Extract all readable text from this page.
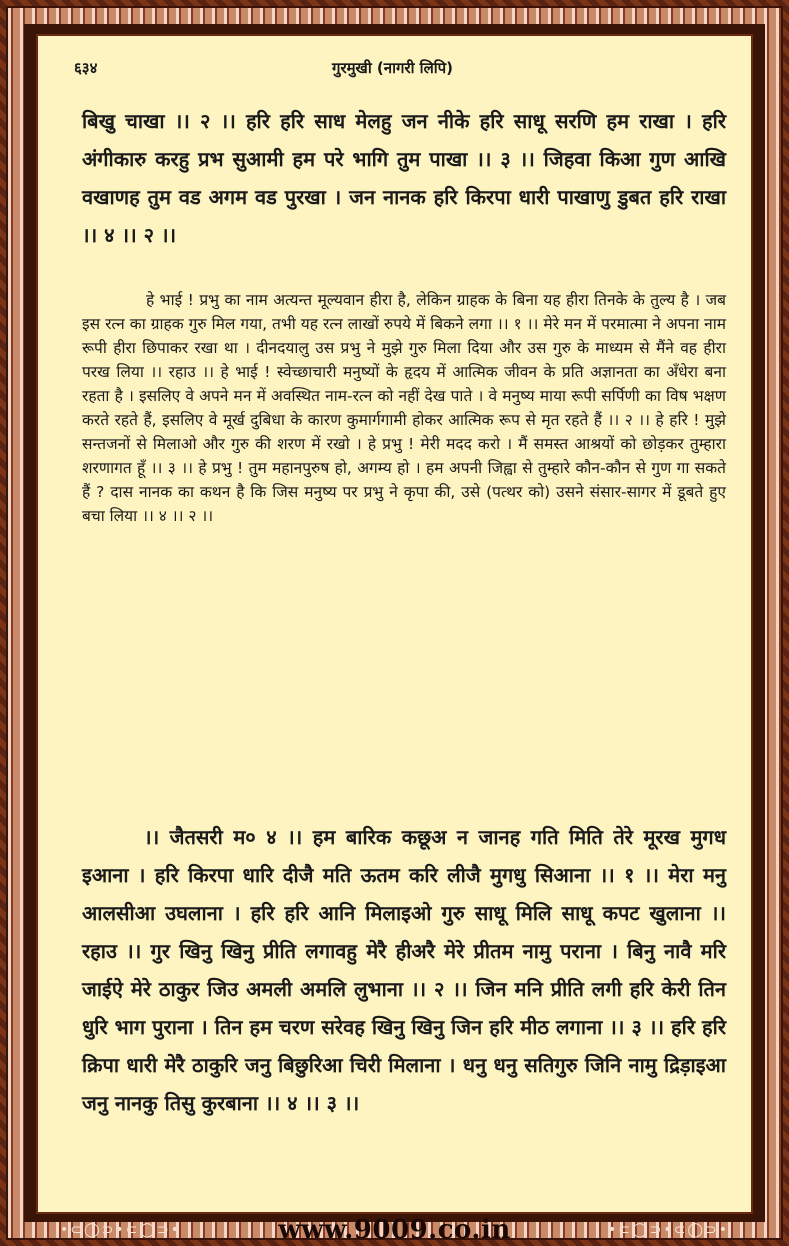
६३४	गुरमुखी (नागरी लिपि)
बिखु चाखा ।। २ ।। हरि हरि साध मेलहु जन नीके हरि साधू सरणि हम राखा । हरि अंगीकारु करहु प्रभ सुआमी हम परे भागि तुम पाखा ।। ३ ।। जिहवा किआ गुण आखि वखाणह तुम वड अगम वड पुरखा । जन नानक हरि किरपा धारी पाखाणु डुबत हरि राखा ।। ४ ।। २ ।।
हे भाई ! प्रभु का नाम अत्यन्त मूल्यवान हीरा है, लेकिन ग्राहक के बिना यह हीरा तिनके के तुल्य है । जब इस रत्न का ग्राहक गुरु मिल गया, तभी यह रत्न लाखों रुपये में बिकने लगा ।। १ ।। मेरे मन में परमात्मा ने अपना नाम रूपी हीरा छिपाकर रखा था । दीनदयालु उस प्रभु ने मुझे गुरु मिला दिया और उस गुरु के माध्यम से मैंने वह हीरा परख लिया ।। रहाउ ।। हे भाई ! स्वेच्छाचारी मनुष्यों के हृदय में आत्मिक जीवन के प्रति अज्ञानता का अँधेरा बना रहता है । इसलिए वे अपने मन में अवस्थित नाम-रत्न को नहीं देख पाते । वे मनुष्य माया रूपी सर्पिणी का विष भक्षण करते रहते हैं, इसलिए वे मूर्ख दुबिधा के कारण कुमार्गगामी होकर आत्मिक रूप से मृत रहते हैं ।। २ ।। हे हरि ! मुझे सन्तजनों से मिलाओ और गुरु की शरण में रखो । हे प्रभु ! मेरी मदद करो । मैं समस्त आश्रयों को छोड़कर तुम्हारा शरणागत हूँ ।। ३ ।। हे प्रभु ! तुम महानपुरुष हो, अगम्य हो । हम अपनी जिह्वा से तुम्हारे कौन-कौन से गुण गा सकते हैं ? दास नानक का कथन है कि जिस मनुष्य पर प्रभु ने कृपा की, उसे (पत्थर को) उसने संसार-सागर में डूबते हुए बचा लिया ।। ४ ।। २ ।।
।। जैतसरी म० ४ ।। हम बारिक कछूअ न जानह गति मिति तेरे मूरख मुगध इआना । हरि किरपा धारि दीजै मति ऊतम करि लीजै मुगधु सिआना ।। १ ।। मेरा मनु आलसीआ उघलाना । हरि हरि आनि मिलाइओ गुरु साधू मिलि साधू कपट खुलाना ।। रहाउ ।। गुर खिनु खिनु प्रीति लगावहु मेरै हीअरै मेरे प्रीतम नामु पराना । बिनु नावै मरि जाईऐ मेरे ठाकुर जिउ अमली अमलि लुभाना ।। २ ।। जिन मनि प्रीति लगी हरि केरी तिन धुरि भाग पुराना । तिन हम चरण सरेवह खिनु खिनु जिन हरि मीठ लगाना ।। ३ ।। हरि हरि क्रिपा धारी मेरै ठाकुरि जनु बिछुरिआ चिरी मिलाना । धनु धनु सतिगुरु जिनि नामु द्रिड़ाइआ जनु नानकु तिसु कुरबाना ।। ४ ।। ३ ।।
•⊂◯⊃•⊂◯⊃•	www.9009.co.in	•⊂◯⊃•⊂◯⊃•
